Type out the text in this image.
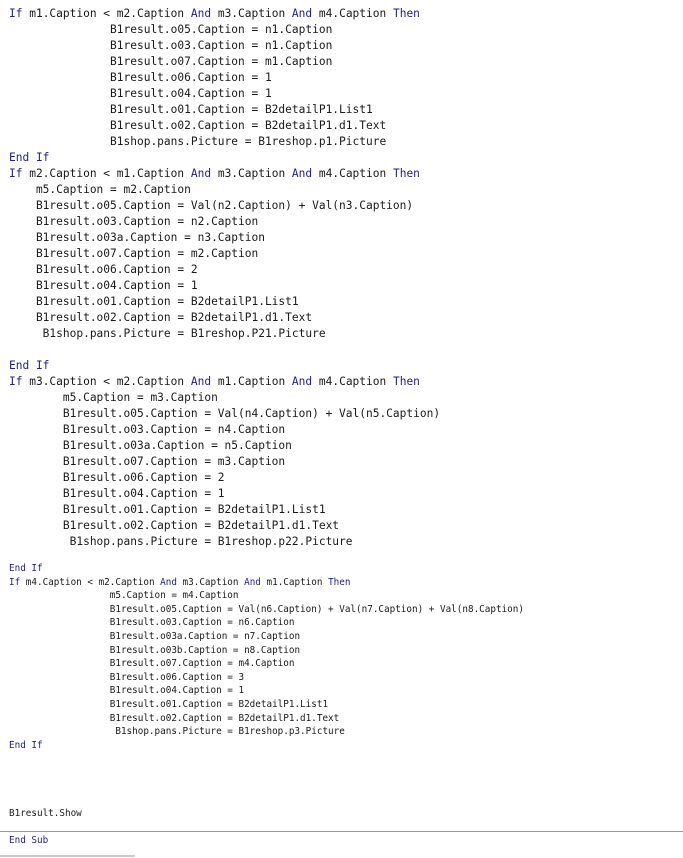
If m1.Caption < m2.Caption And m3.Caption And m4.Caption Then
B1result.o05.Caption = n1.Caption
B1result.o03.Caption = n1.Caption
B1result.o07.Caption = m1.Caption
B1result.o06.Caption = 1
B1result.o04.Caption = 1
B1result.o01.Caption = B2detailP1.List1
B1result.o02.Caption = B2detailP1.d1.Text
B1shop.pans.Picture = B1reshop.p1.Picture
End If
If m2.Caption < m1.Caption And m3.Caption And m4.Caption Then
m5.Caption = m2.Caption
B1result.o05.Caption = Val(n2.Caption) + Val(n3.Caption)
B1result.o03.Caption = n2.Caption
B1result.o03a.Caption = n3.Caption
B1result.o07.Caption = m2.Caption
B1result.o06.Caption = 2
B1result.o04.Caption = 1
B1result.o01.Caption = B2detailP1.List1
B1result.o02.Caption = B2detailP1.d1.Text
B1shop.pans.Picture = B1reshop.P21.Picture

End If
If m3.Caption < m2.Caption And m1.Caption And m4.Caption Then
m5.Caption = m3.Caption
B1result.o05.Caption = Val(n4.Caption) + Val(n5.Caption)
B1result.o03.Caption = n4.Caption
B1result.o03a.Caption = n5.Caption
B1result.o07.Caption = m3.Caption
B1result.o06.Caption = 2
B1result.o04.Caption = 1
B1result.o01.Caption = B2detailP1.List1
B1result.o02.Caption = B2detailP1.d1.Text
B1shop.pans.Picture = B1reshop.p22.Picture
End If
If m4.Caption < m2.Caption And m3.Caption And m1.Caption Then
m5.Caption = m4.Caption
B1result.o05.Caption = Val(n6.Caption) + Val(n7.Caption) + Val(n8.Caption)
B1result.o03.Caption = n6.Caption
B1result.o03a.Caption = n7.Caption
B1result.o03b.Caption = n8.Caption
B1result.o07.Caption = m4.Caption
B1result.o06.Caption = 3
B1result.o04.Caption = 1
B1result.o01.Caption = B2detailP1.List1
B1result.o02.Caption = B2detailP1.d1.Text
B1shop.pans.Picture = B1reshop.p3.Picture
End If

B1result.Show

End Sub
